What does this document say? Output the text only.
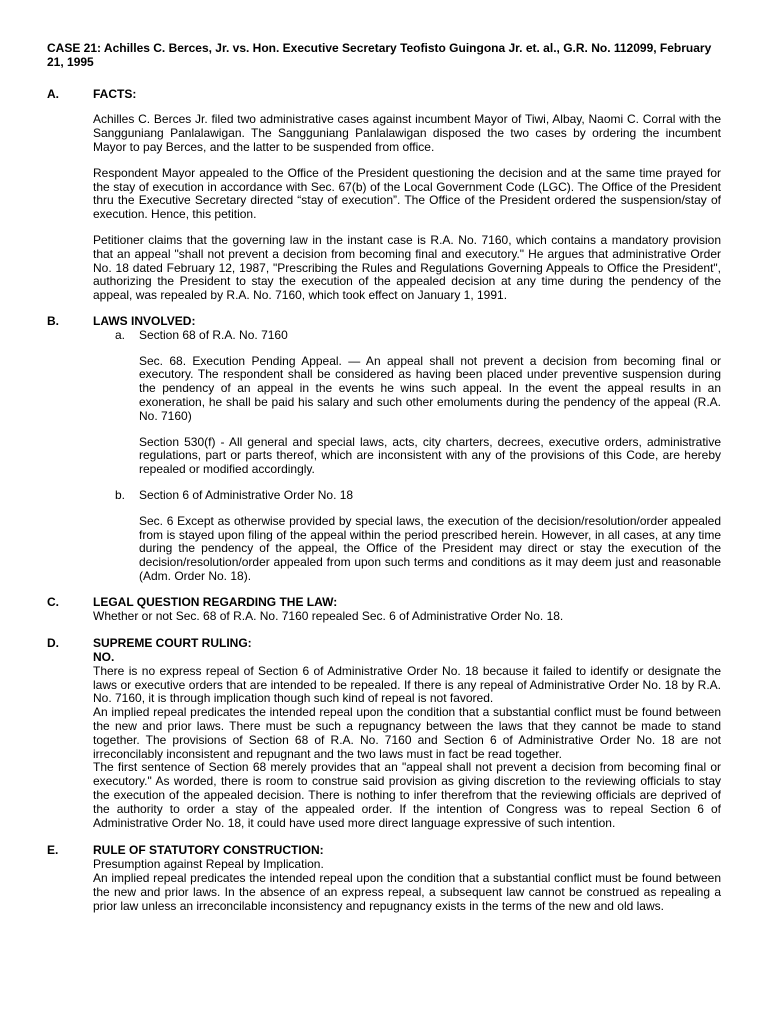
CASE 21: Achilles C. Berces, Jr. vs. Hon. Executive Secretary Teofisto Guingona Jr. et. al., G.R. No. 112099, February 21, 1995
A.	FACTS:

Achilles C. Berces Jr. filed two administrative cases against incumbent Mayor of Tiwi, Albay, Naomi C. Corral with the Sangguniang Panlalawigan. The Sangguniang Panlalawigan disposed the two cases by ordering the incumbent Mayor to pay Berces, and the latter to be suspended from office.

Respondent Mayor appealed to the Office of the President questioning the decision and at the same time prayed for the stay of execution in accordance with Sec. 67(b) of the Local Government Code (LGC). The Office of the President thru the Executive Secretary directed “stay of execution”. The Office of the President ordered the suspension/stay of execution. Hence, this petition.

Petitioner claims that the governing law in the instant case is R.A. No. 7160, which contains a mandatory provision that an appeal "shall not prevent a decision from becoming final and executory." He argues that administrative Order No. 18 dated February 12, 1987, "Prescribing the Rules and Regulations Governing Appeals to Office the President", authorizing the President to stay the execution of the appealed decision at any time during the pendency of the appeal, was repealed by R.A. No. 7160, which took effect on January 1, 1991.

B.	LAWS INVOLVED:
a.	Section 68 of R.A. No. 7160

Sec. 68. Execution Pending Appeal. — An appeal shall not prevent a decision from becoming final or executory. The respondent shall be considered as having been placed under preventive suspension during the pendency of an appeal in the events he wins such appeal. In the event the appeal results in an exoneration, he shall be paid his salary and such other emoluments during the pendency of the appeal (R.A. No. 7160)

Section 530(f) - All general and special laws, acts, city charters, decrees, executive orders, administrative regulations, part or parts thereof, which are inconsistent with any of the provisions of this Code, are hereby repealed or modified accordingly.

b.	Section 6 of Administrative Order No. 18

Sec. 6 Except as otherwise provided by special laws, the execution of the decision/resolution/order appealed from is stayed upon filing of the appeal within the period prescribed herein. However, in all cases, at any time during the pendency of the appeal, the Office of the President may direct or stay the execution of the decision/resolution/order appealed from upon such terms and conditions as it may deem just and reasonable (Adm. Order No. 18).

C.	LEGAL QUESTION REGARDING THE LAW:

Whether or not Sec. 68 of R.A. No. 7160 repealed Sec. 6 of Administrative Order No. 18.

D.	SUPREME COURT RULING:

NO.

There is no express repeal of Section 6 of Administrative Order No. 18 because it failed to identify or designate the laws or executive orders that are intended to be repealed. If there is any repeal of Administrative Order No. 18 by R.A. No. 7160, it is through implication though such kind of repeal is not favored.

An implied repeal predicates the intended repeal upon the condition that a substantial conflict must be found between the new and prior laws. There must be such a repugnancy between the laws that they cannot be made to stand together. The provisions of Section 68 of R.A. No. 7160 and Section 6 of Administrative Order No. 18 are not irreconcilably inconsistent and repugnant and the two laws must in fact be read together.

The first sentence of Section 68 merely provides that an "appeal shall not prevent a decision from becoming final or executory." As worded, there is room to construe said provision as giving discretion to the reviewing officials to stay the execution of the appealed decision. There is nothing to infer therefrom that the reviewing officials are deprived of the authority to order a stay of the appealed order. If the intention of Congress was to repeal Section 6 of Administrative Order No. 18, it could have used more direct language expressive of such intention.

E.	RULE OF STATUTORY CONSTRUCTION:

Presumption against Repeal by Implication.

An implied repeal predicates the intended repeal upon the condition that a substantial conflict must be found between the new and prior laws. In the absence of an express repeal, a subsequent law cannot be construed as repealing a prior law unless an irreconcilable inconsistency and repugnancy exists in the terms of the new and old laws.
